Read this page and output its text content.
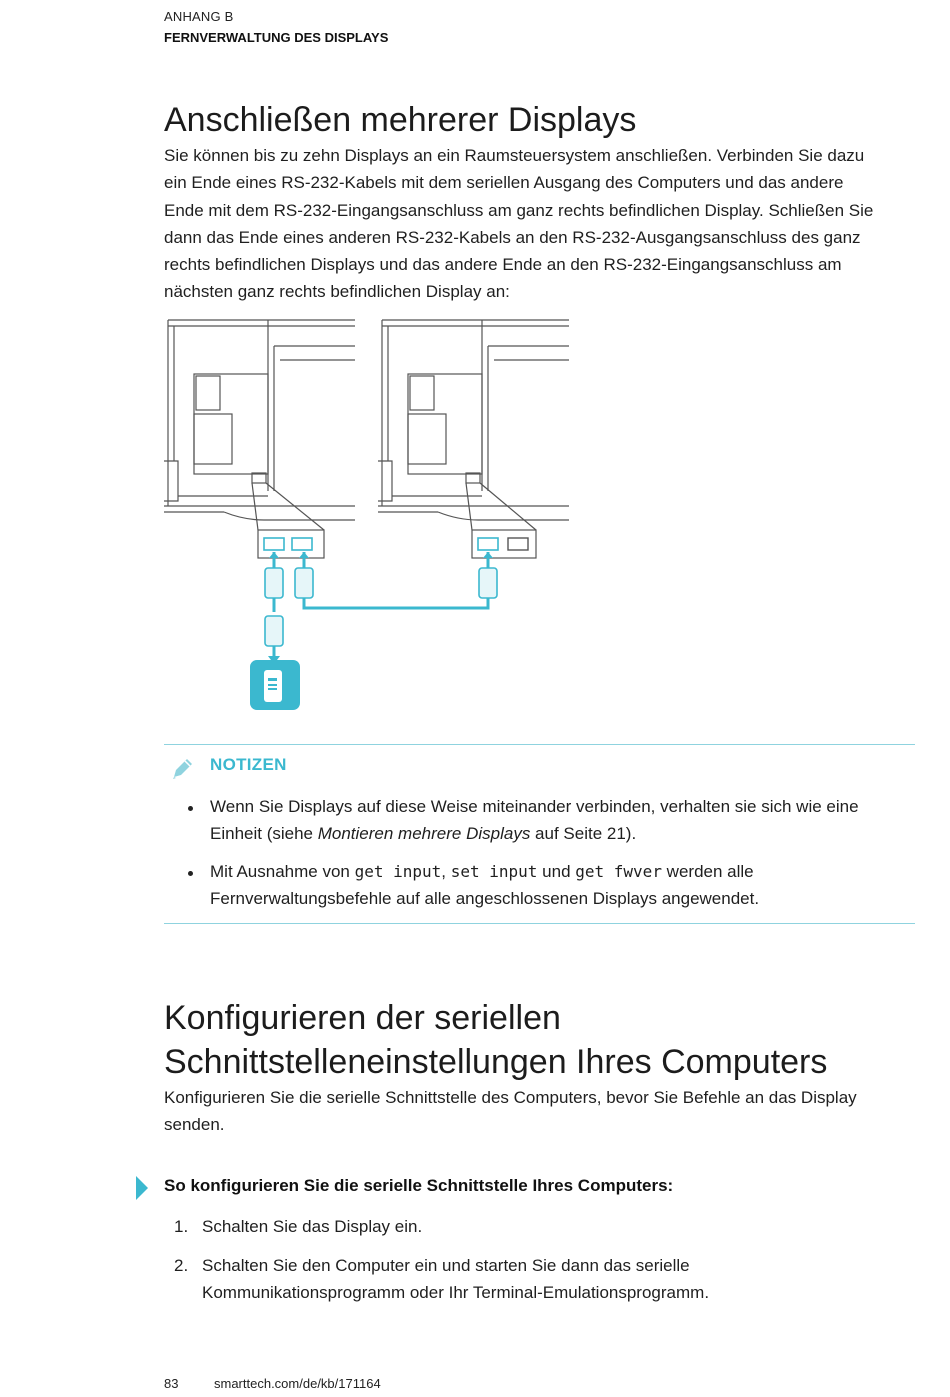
ANHANG B
FERNVERWALTUNG DES DISPLAYS
Anschließen mehrerer Displays
Sie können bis zu zehn Displays an ein Raumsteuersystem anschließen. Verbinden Sie dazu
ein Ende eines RS-232-Kabels mit dem seriellen Ausgang des Computers und das andere
Ende mit dem RS-232-Eingangsanschluss am ganz rechts befindlichen Display. Schließen Sie
dann das Ende eines anderen RS-232-Kabels an den RS-232-Ausgangsanschluss des ganz
rechts befindlichen Displays und das andere Ende an den RS-232-Eingangsanschluss am
nächsten ganz rechts befindlichen Display an:
NOTIZEN
Wenn Sie Displays auf diese Weise miteinander verbinden, verhalten sie sich wie eine
Einheit (siehe Montieren mehrere Displays auf Seite 21).
Mit Ausnahme von get input, set input und get fwver werden alle
Fernverwaltungsbefehle auf alle angeschlossenen Displays angewendet.
Konfigurieren der seriellen
Schnittstelleneinstellungen Ihres Computers
Konfigurieren Sie die serielle Schnittstelle des Computers, bevor Sie Befehle an das Display
senden.
So konfigurieren Sie die serielle Schnittstelle Ihres Computers:
1. Schalten Sie das Display ein.
2. Schalten Sie den Computer ein und starten Sie dann das serielle
Kommunikationsprogramm oder Ihr Terminal-Emulationsprogramm.
83	smarttech.com/de/kb/171164
